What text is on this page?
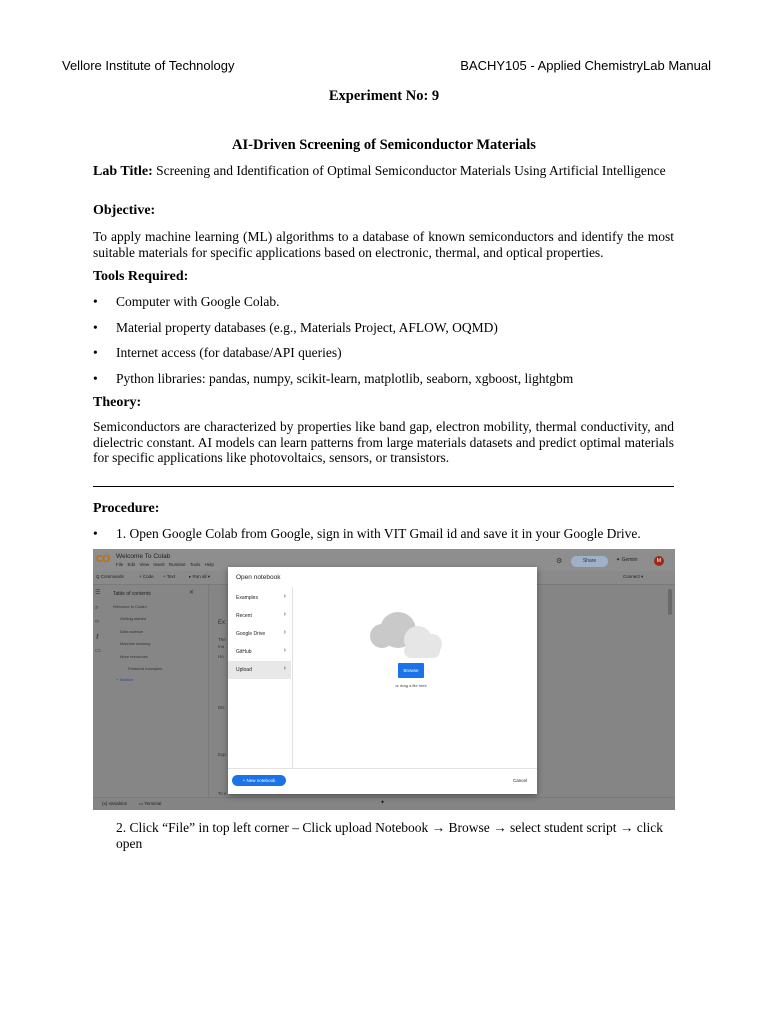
Vellore Institute of Technology	BACHY105 - Applied ChemistryLab Manual
Experiment No: 9
AI-Driven Screening of Semiconductor Materials
Lab Title: Screening and Identification of Optimal Semiconductor Materials Using Artificial Intelligence
Objective:
To apply machine learning (ML) algorithms to a database of known semiconductors and identify the most suitable materials for specific applications based on electronic, thermal, and optical properties.
Tools Required:
• Computer with Google Colab.
• Material property databases (e.g., Materials Project, AFLOW, OQMD)
• Internet access (for database/API queries)
• Python libraries: pandas, numpy, scikit-learn, matplotlib, seaborn, xgboost, lightgbm
Theory:
Semiconductors are characterized by properties like band gap, electron mobility, thermal conductivity, and dielectric constant. AI models can learn patterns from large materials datasets and predict optimal materials for specific applications like photovoltaics, sensors, or transistors.
Procedure:
• 1. Open Google Colab from Google, sign in with VIT Gmail id and save it in your Google Drive.
CO Welcome To Colab
File Edit View Insert Runtime Tools Help	⚙	Share	✦ Gemini	M
Q Commands	+ Code + Text	▸ Run all ▾	Connect ▾
☰
⌕
‹›
⚷
▭
Table of contents	✕
Welcome to Colab!
Getting started
Data science
Machine learning
More resources
Featured examples
+ Section
Ex
The
mu
Ho
Dis
Exp
To s
{x} Variables	▭ Terminal	✦
Open notebook
Examples	›
Recent	›
Google Drive	›
GitHub	›
Upload	›	Browse
or drag a file here
+ New notebook	Cancel
2. Click “File” in top left corner – Click upload Notebook → Browse → select student script → click open
